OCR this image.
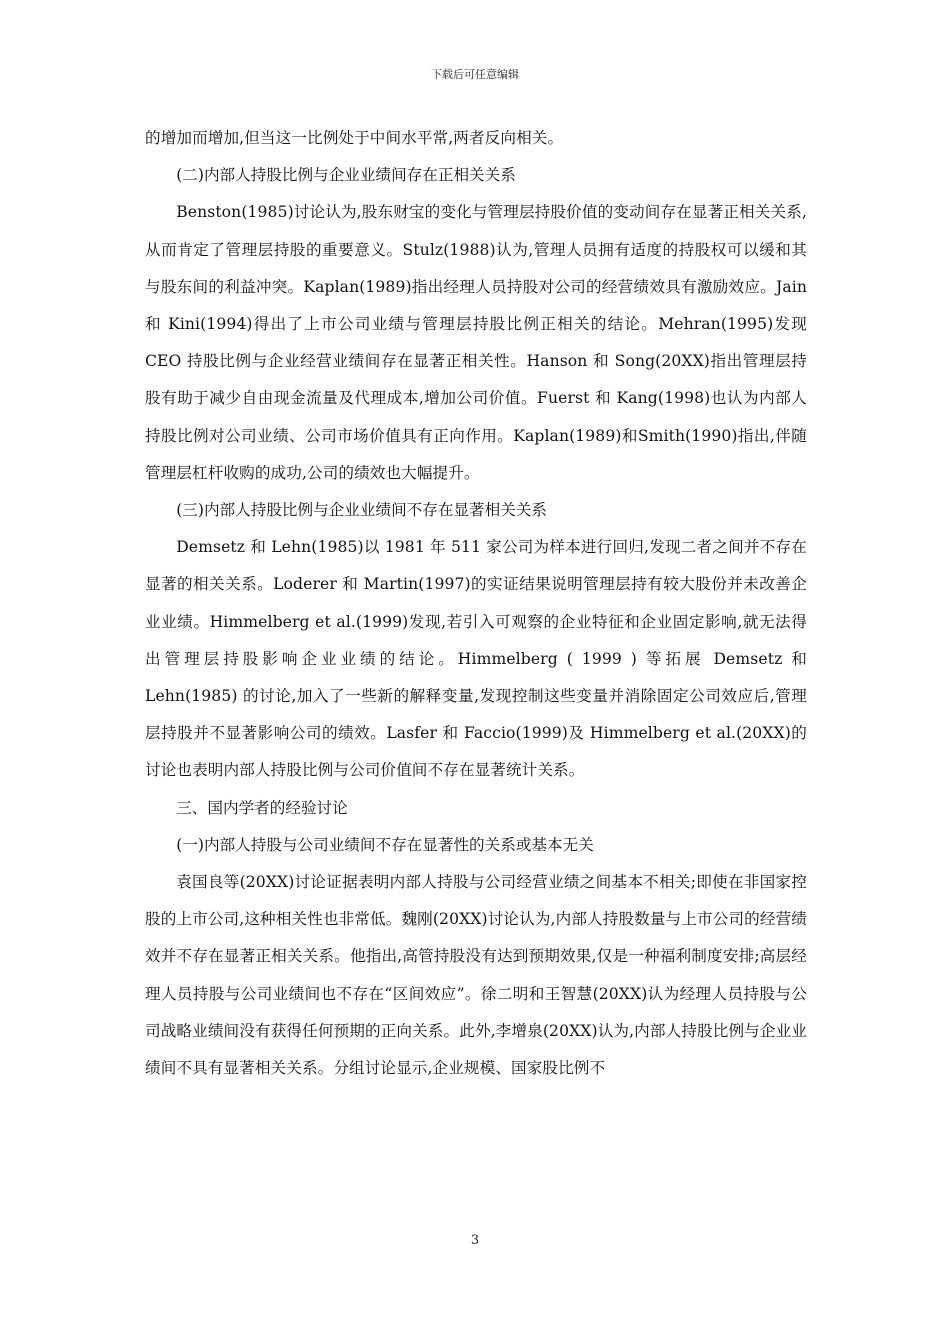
下载后可任意编辑

的增加而增加,但当这一比例处于中间水平常,两者反向相关。

(二)内部人持股比例与企业业绩间存在正相关关系

Benston(1985)讨论认为,股东财宝的变化与管理层持股价值的变动间存在显著正相关关系,从而肯定了管理层持股的重要意义。Stulz(1988)认为,管理人员拥有适度的持股权可以缓和其与股东间的利益冲突。Kaplan(1989)指出经理人员持股对公司的经营绩效具有激励效应。Jain 和 Kini(1994)得出了上市公司业绩与管理层持股比例正相关的结论。Mehran(1995)发现 CEO 持股比例与企业经营业绩间存在显著正相关性。Hanson 和 Song(20XX)指出管理层持股有助于减少自由现金流量及代理成本,增加公司价值。Fuerst 和 Kang(1998)也认为内部人持股比例对公司业绩、公司市场价值具有正向作用。Kaplan(1989)和Smith(1990)指出,伴随管理层杠杆收购的成功,公司的绩效也大幅提升。

(三)内部人持股比例与企业业绩间不存在显著相关关系

Demsetz 和 Lehn(1985)以 1981 年 511 家公司为样本进行回归,发现二者之间并不存在显著的相关关系。Loderer 和 Martin(1997)的实证结果说明管理层持有较大股份并未改善企业业绩。Himmelberg et al.(1999)发现,若引入可观察的企业特征和企业固定影响,就无法得出管理层持股影响企业业绩的结论。Himmelberg ( 1999 ) 等拓展 Demsetz 和 Lehn(1985) 的讨论,加入了一些新的解释变量,发现控制这些变量并消除固定公司效应后,管理层持股并不显著影响公司的绩效。Lasfer 和 Faccio(1999)及 Himmelberg et al.(20XX)的讨论也表明内部人持股比例与公司价值间不存在显著统计关系。

三、国内学者的经验讨论

(一)内部人持股与公司业绩间不存在显著性的关系或基本无关

袁国良等(20XX)讨论证据表明内部人持股与公司经营业绩之间基本不相关;即使在非国家控股的上市公司,这种相关性也非常低。魏刚(20XX)讨论认为,内部人持股数量与上市公司的经营绩效并不存在显著正相关关系。他指出,高管持股没有达到预期效果,仅是一种福利制度安排;高层经理人员持股与公司业绩间也不存在“区间效应”。徐二明和王智慧(20XX)认为经理人员持股与公司战略业绩间没有获得任何预期的正向关系。此外,李增泉(20XX)认为,内部人持股比例与企业业绩间不具有显著相关关系。分组讨论显示,企业规模、国家股比例不

3
